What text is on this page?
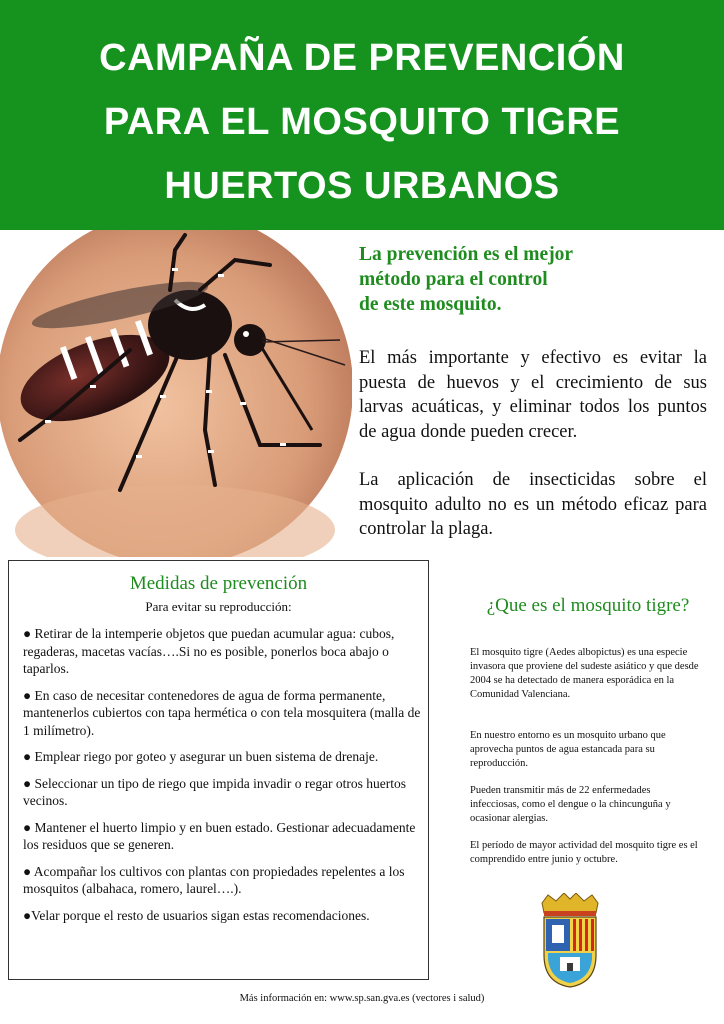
CAMPAÑA DE PREVENCIÓN
PARA EL MOSQUITO TIGRE
HUERTOS URBANOS
La prevención es el mejor
método para el control
de este mosquito.

El más importante y efectivo es evitar la puesta de huevos y el crecimiento de sus larvas acuáticas, y eliminar todos los puntos de agua donde pueden crecer.

La aplicación de insecticidas sobre el mosquito adulto no es un método eficaz para controlar la plaga.

Medidas de prevención
Para evitar su reproducción:
● Retirar de la intemperie objetos que puedan acumular agua: cubos, regaderas, macetas vacías….Si no es posible, ponerlos boca abajo o taparlos.
● En caso de necesitar contenedores de agua de forma permanente, mantenerlos cubiertos con tapa hermética o con tela mosquitera (malla de 1 milímetro).
● Emplear riego por goteo y asegurar un buen sistema de drenaje.
● Seleccionar un tipo de riego que impida invadir o regar otros huertos vecinos.
● Mantener el huerto limpio y en buen estado. Gestionar adecuadamente los residuos que se generen.
● Acompañar los cultivos con plantas con propiedades repelentes a los mosquitos (albahaca, romero, laurel….).
●Velar porque el resto de usuarios sigan estas recomendaciones.
¿Que es el mosquito tigre?

El mosquito tigre (Aedes albopictus) es una especie invasora que proviene del sudeste asiático y que desde 2004 se ha detectado de manera esporádica en la Comunidad Valenciana.

En nuestro entorno es un mosquito urbano que aprovecha puntos de agua estancada para su reproducción.

Pueden transmitir más de 22 enfermedades infecciosas, como el dengue o la chincunguña y ocasionar alergias.

El período de mayor actividad del mosquito tigre es el comprendido entre junio y octubre.

Más información en: www.sp.san.gva.es (vectores i salud)
